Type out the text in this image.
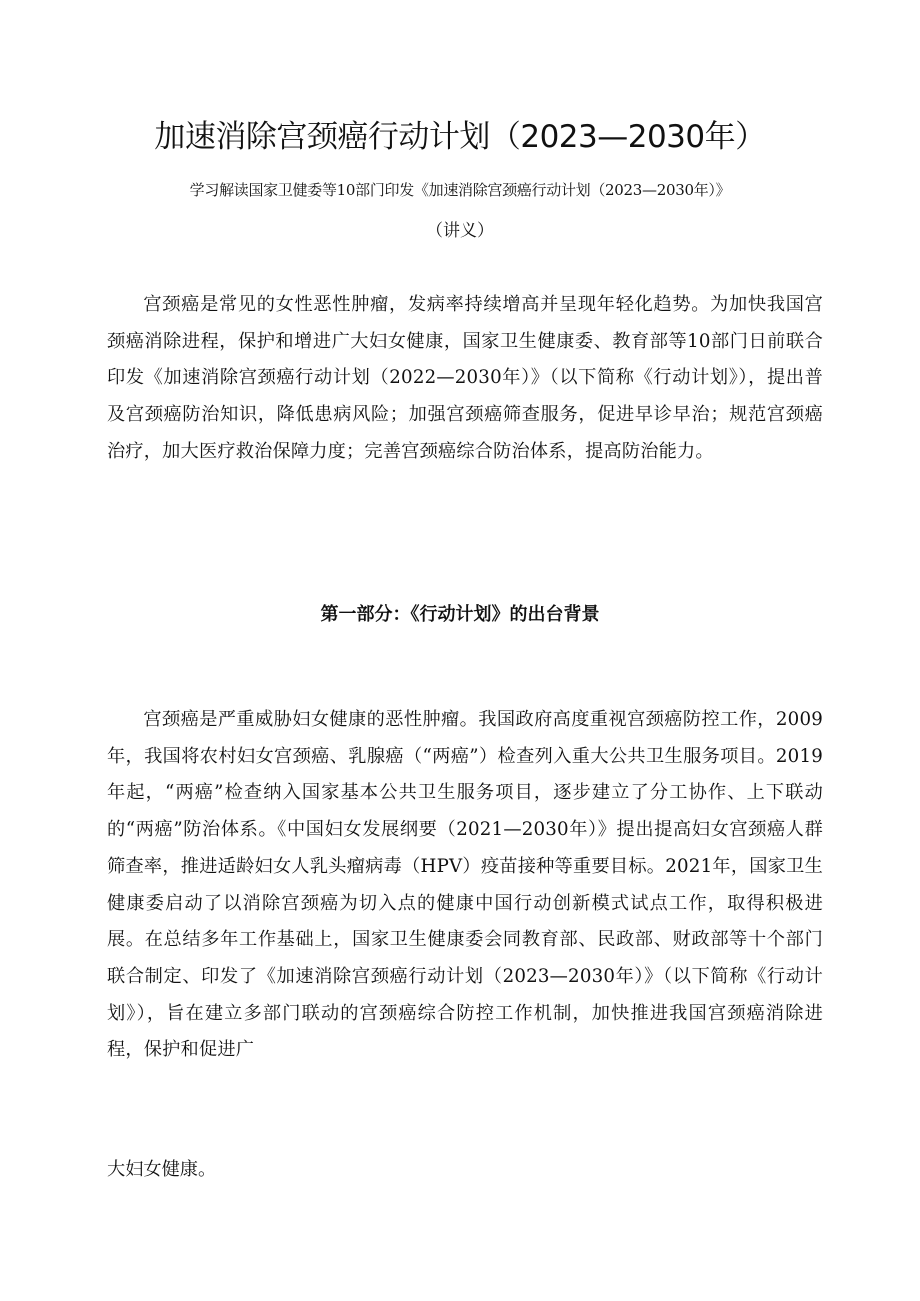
加速消除宫颈癌行动计划（2023—2030年）

学习解读国家卫健委等10部门印发《加速消除宫颈癌行动计划（2023—2030年）》

（讲义）

宫颈癌是常见的女性恶性肿瘤，发病率持续增高并呈现年轻化趋势。为加快我国宫颈癌消除进程，保护和增进广大妇女健康，国家卫生健康委、教育部等10部门日前联合印发《加速消除宫颈癌行动计划（2022—2030年）》（以下简称《行动计划》），提出普及宫颈癌防治知识，降低患病风险；加强宫颈癌筛查服务，促进早诊早治；规范宫颈癌治疗，加大医疗救治保障力度；完善宫颈癌综合防治体系，提高防治能力。

第一部分：《行动计划》的出台背景

宫颈癌是严重威胁妇女健康的恶性肿瘤。我国政府高度重视宫颈癌防控工作，2009年，我国将农村妇女宫颈癌、乳腺癌（“两癌”）检查列入重大公共卫生服务项目。2019年起，“两癌”检查纳入国家基本公共卫生服务项目，逐步建立了分工协作、上下联动的“两癌”防治体系。《中国妇女发展纲要（2021—2030年）》提出提高妇女宫颈癌人群筛查率，推进适龄妇女人乳头瘤病毒（HPV）疫苗接种等重要目标。2021年，国家卫生健康委启动了以消除宫颈癌为切入点的健康中国行动创新模式试点工作，取得积极进展。在总结多年工作基础上，国家卫生健康委会同教育部、民政部、财政部等十个部门联合制定、印发了《加速消除宫颈癌行动计划（2023—2030年）》（以下简称《行动计划》），旨在建立多部门联动的宫颈癌综合防控工作机制，加快推进我国宫颈癌消除进程，保护和促进广

大妇女健康。
